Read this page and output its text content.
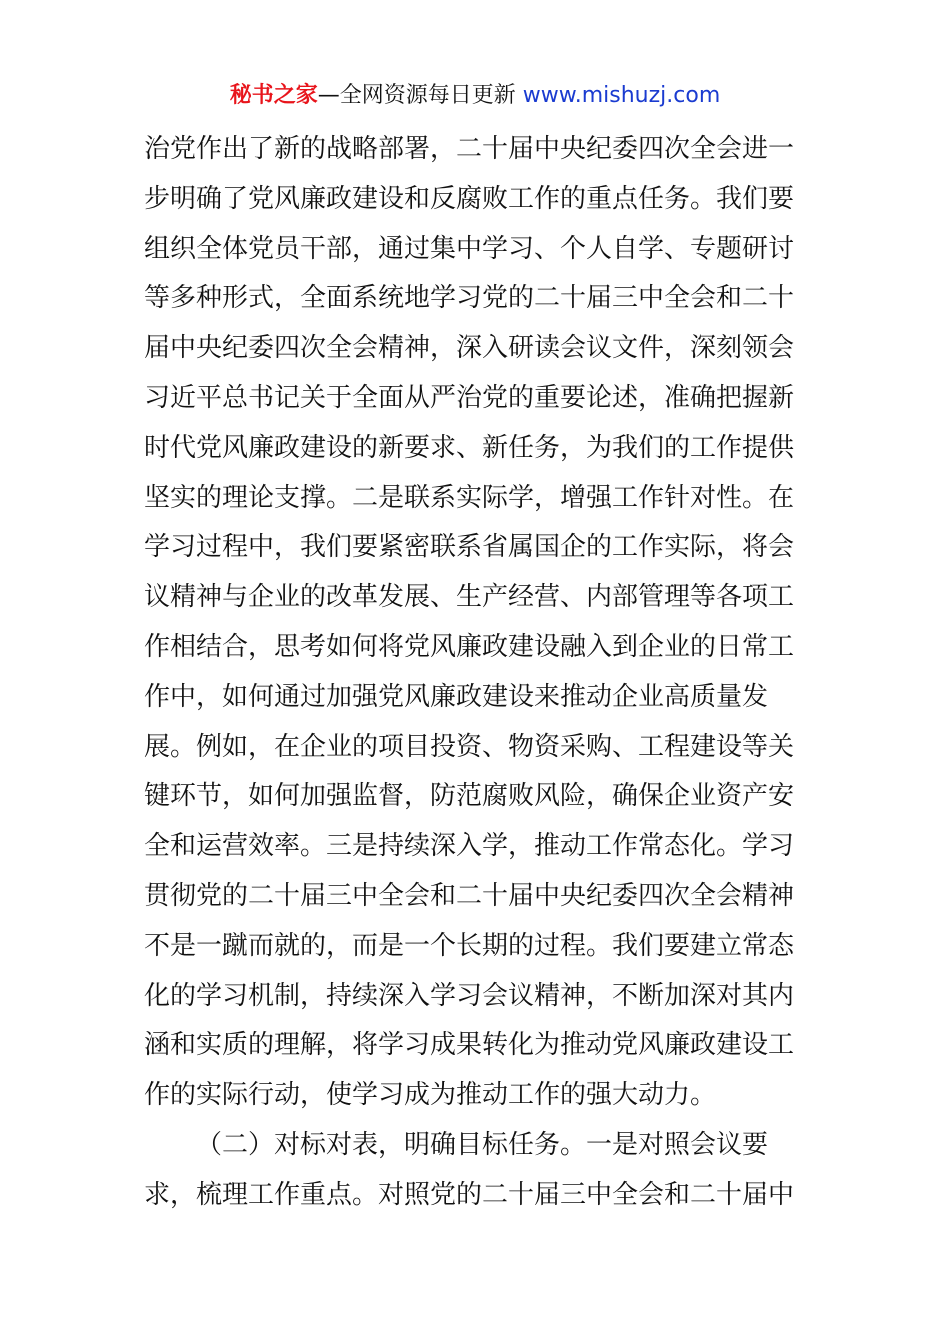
秘书之家—全网资源每日更新 www.mishuzj.com
治党作出了新的战略部署，二十届中央纪委四次全会进一
步明确了党风廉政建设和反腐败工作的重点任务。我们要
组织全体党员干部，通过集中学习、个人自学、专题研讨
等多种形式，全面系统地学习党的二十届三中全会和二十
届中央纪委四次全会精神，深入研读会议文件，深刻领会
习近平总书记关于全面从严治党的重要论述，准确把握新
时代党风廉政建设的新要求、新任务，为我们的工作提供
坚实的理论支撑。二是联系实际学，增强工作针对性。在
学习过程中，我们要紧密联系省属国企的工作实际，将会
议精神与企业的改革发展、生产经营、内部管理等各项工
作相结合，思考如何将党风廉政建设融入到企业的日常工
作中，如何通过加强党风廉政建设来推动企业高质量发
展。例如，在企业的项目投资、物资采购、工程建设等关
键环节，如何加强监督，防范腐败风险，确保企业资产安
全和运营效率。三是持续深入学，推动工作常态化。学习
贯彻党的二十届三中全会和二十届中央纪委四次全会精神
不是一蹴而就的，而是一个长期的过程。我们要建立常态
化的学习机制，持续深入学习会议精神，不断加深对其内
涵和实质的理解，将学习成果转化为推动党风廉政建设工
作的实际行动，使学习成为推动工作的强大动力。
（二）对标对表，明确目标任务。一是对照会议要
求，梳理工作重点。对照党的二十届三中全会和二十届中
